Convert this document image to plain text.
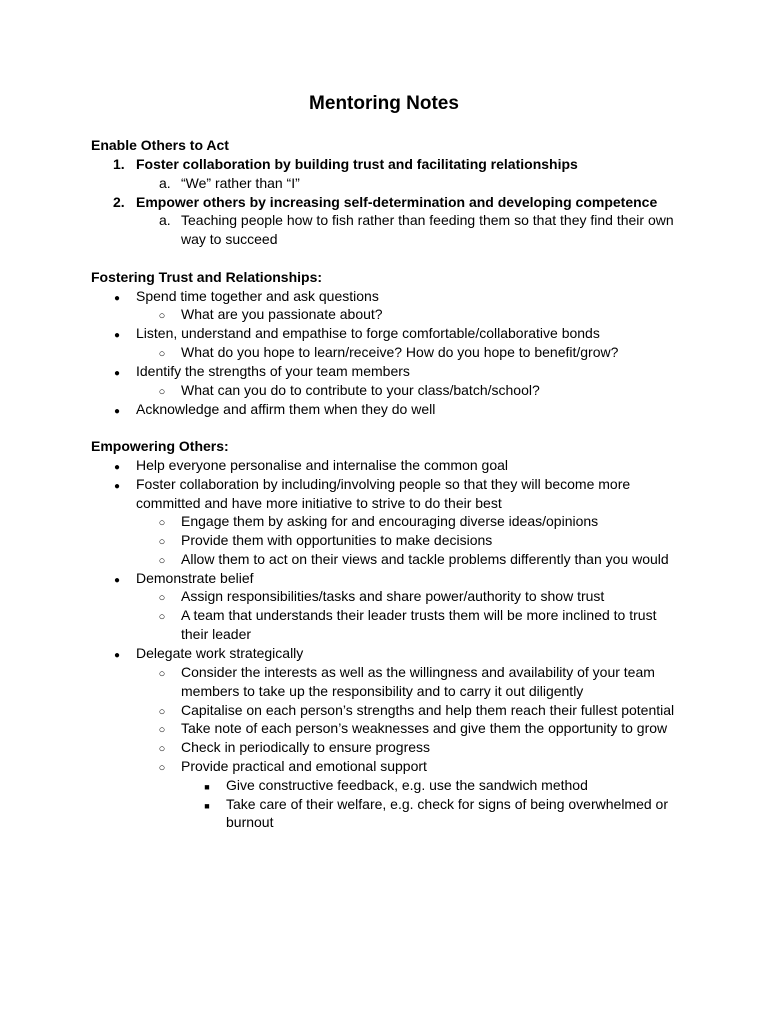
Mentoring Notes
Enable Others to Act
1. Foster collaboration by building trust and facilitating relationships
a. “We” rather than “I”
2. Empower others by increasing self-determination and developing competence
a. Teaching people how to fish rather than feeding them so that they find their own
way to succeed
Fostering Trust and Relationships:
●
Spend time together and ask questions
○
What are you passionate about?
●
Listen, understand and empathise to forge comfortable/collaborative bonds
○
What do you hope to learn/receive? How do you hope to benefit/grow?
●
Identify the strengths of your team members
○
What can you do to contribute to your class/batch/school?
●
Acknowledge and affirm them when they do well
Empowering Others:
●
Help everyone personalise and internalise the common goal
●
Foster collaboration by including/involving people so that they will become more
committed and have more initiative to strive to do their best
○
Engage them by asking for and encouraging diverse ideas/opinions
○
Provide them with opportunities to make decisions
○
Allow them to act on their views and tackle problems differently than you would
●
Demonstrate belief
○
Assign responsibilities/tasks and share power/authority to show trust
○
A team that understands their leader trusts them will be more inclined to trust
their leader
●
Delegate work strategically
○
Consider the interests as well as the willingness and availability of your team
members to take up the responsibility and to carry it out diligently
○
Capitalise on each person’s strengths and help them reach their fullest potential
○
Take note of each person’s weaknesses and give them the opportunity to grow
○
Check in periodically to ensure progress
○
Provide practical and emotional support
■
Give constructive feedback, e.g. use the sandwich method
■
Take care of their welfare, e.g. check for signs of being overwhelmed or
burnout
